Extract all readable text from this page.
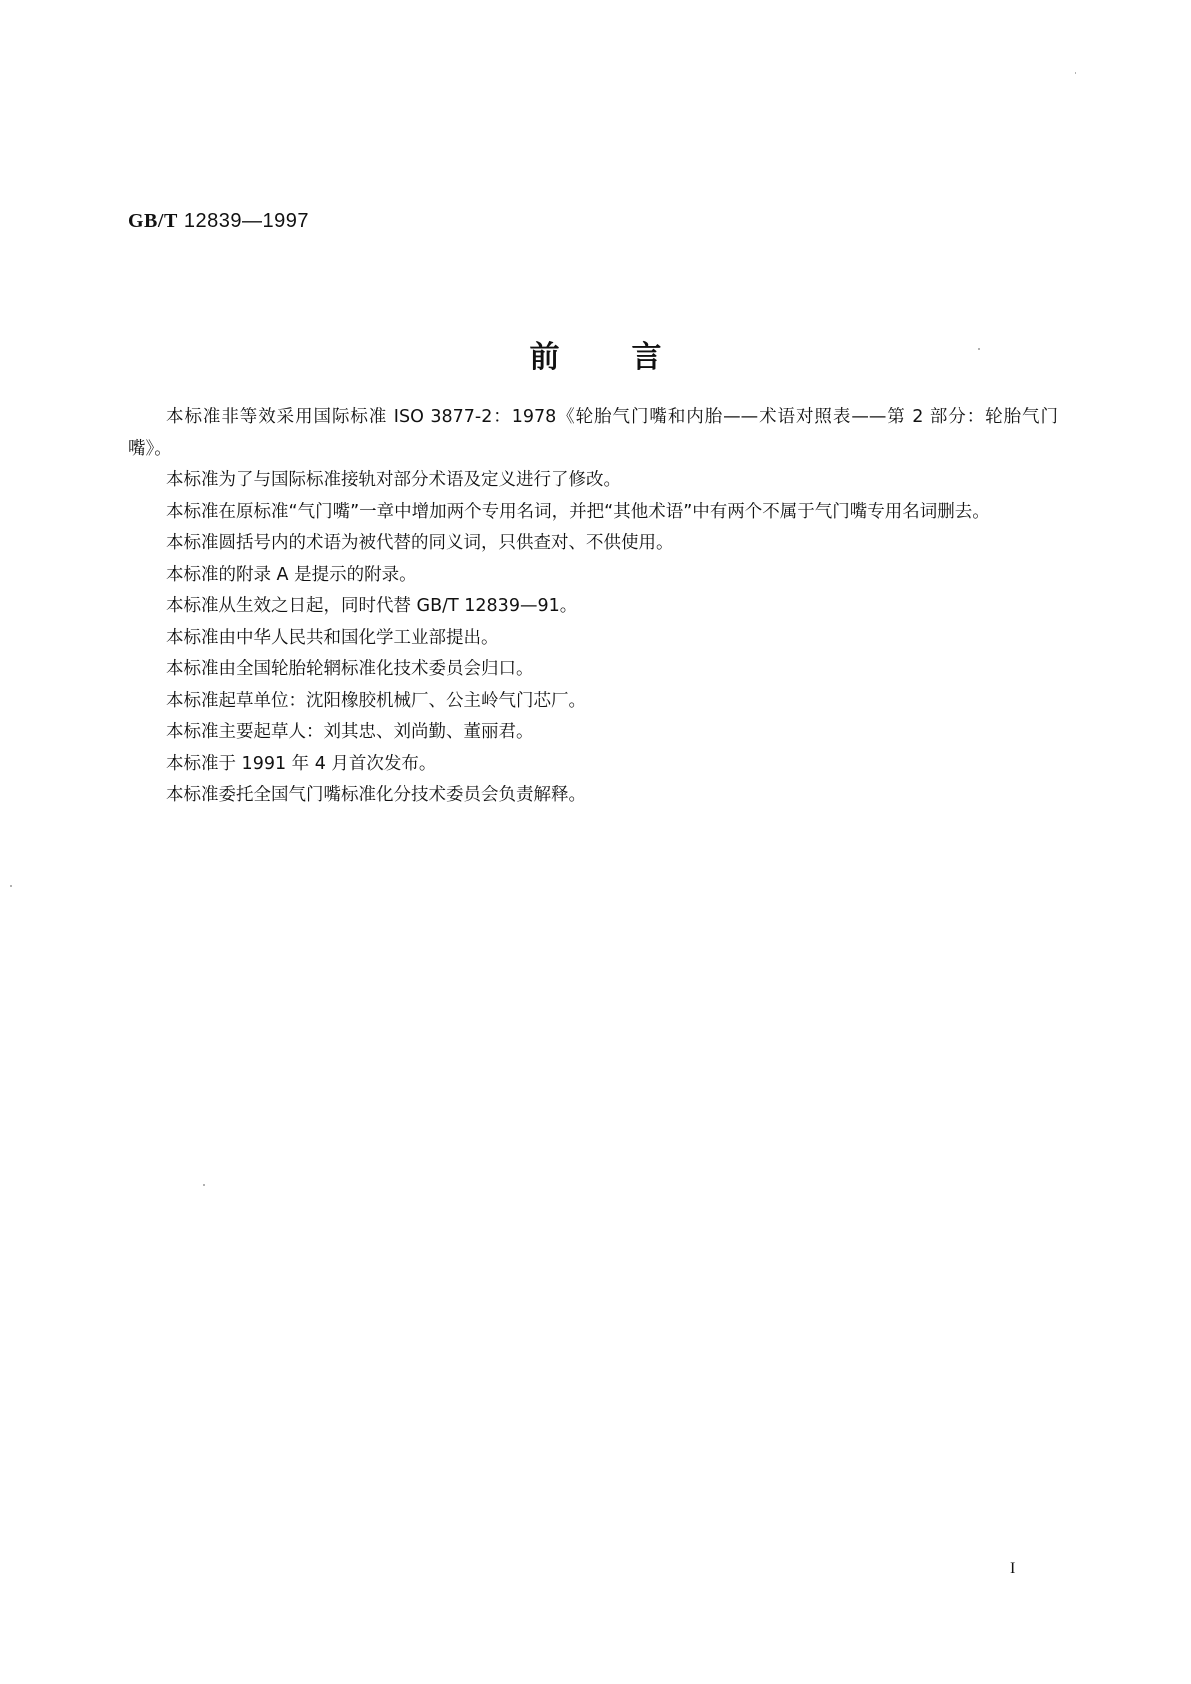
GB/T 12839—1997
前 言

本标准非等效采用国际标准 ISO 3877-2：1978《轮胎气门嘴和内胎——术语对照表——第 2 部分：轮胎气门嘴》。

本标准为了与国际标准接轨对部分术语及定义进行了修改。

本标准在原标准“气门嘴”一章中增加两个专用名词，并把“其他术语”中有两个不属于气门嘴专用名词删去。

本标准圆括号内的术语为被代替的同义词，只供查对、不供使用。

本标准的附录 A 是提示的附录。

本标准从生效之日起，同时代替 GB/T 12839—91。

本标准由中华人民共和国化学工业部提出。

本标准由全国轮胎轮辋标准化技术委员会归口。

本标准起草单位：沈阳橡胶机械厂、公主岭气门芯厂。

本标准主要起草人：刘其忠、刘尚勤、董丽君。

本标准于 1991 年 4 月首次发布。

本标准委托全国气门嘴标准化分技术委员会负责解释。

I
